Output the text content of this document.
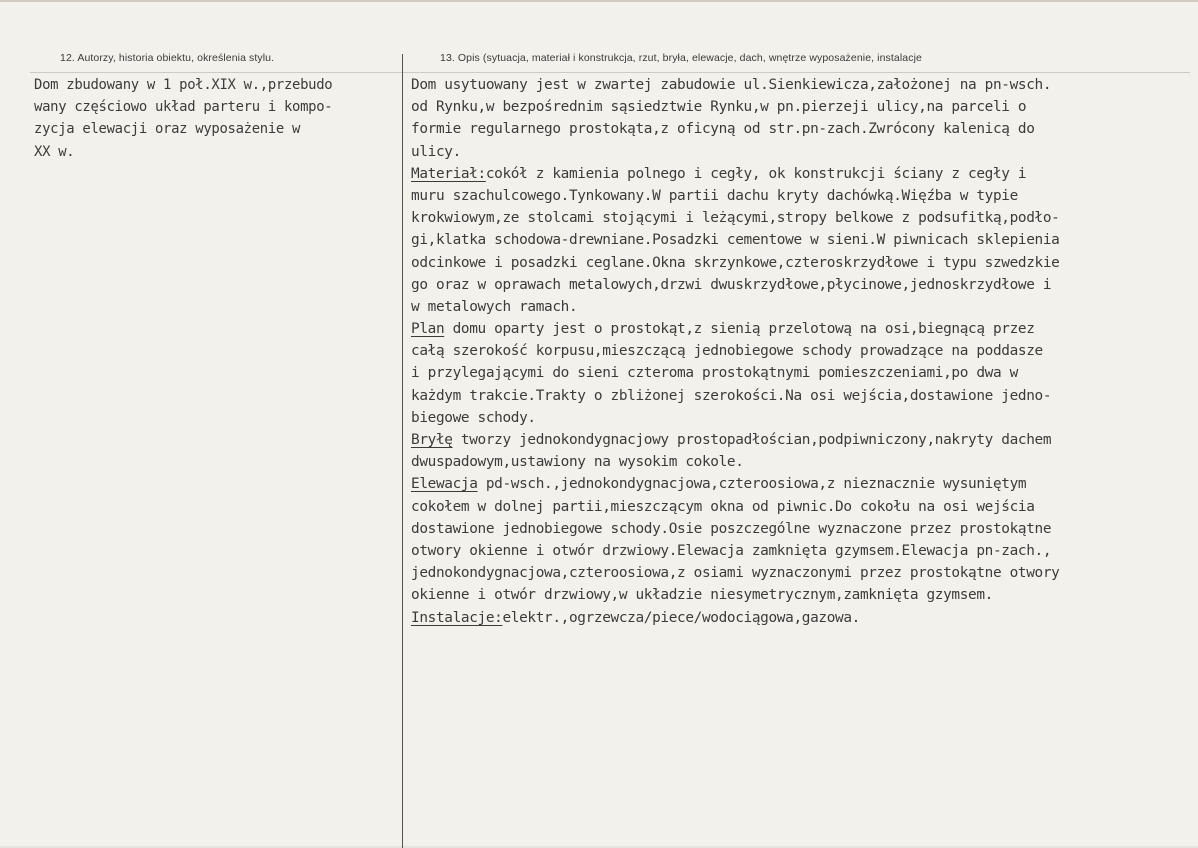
12. Autorzy, historia obiektu, określenia stylu.	13. Opis (sytuacja, materiał i konstrukcja, rzut, bryła, elewacje, dach, wnętrze wyposażenie, instalacje
Dom zbudowany w 1 poł.XIX w.,przebudo
wany częściowo układ parteru i kompo-
zycja elewacji oraz wyposażenie w
XX w.
Dom usytuowany jest w zwartej zabudowie ul.Sienkiewicza,założonej na pn-wsch.
od Rynku,w bezpośrednim sąsiedztwie Rynku,w pn.pierzeji ulicy,na parceli o
formie regularnego prostokąta,z oficyną od str.pn-zach.Zwrócony kalenicą do
ulicy.
Materiał:cokół z kamienia polnego i cegły, ok konstrukcji ściany z cegły i
muru szachulcowego.Tynkowany.W partii dachu kryty dachówką.Więźba w typie
krokwiowym,ze stolcami stojącymi i leżącymi,stropy belkowe z podsufitką,podło-
gi,klatka schodowa-drewniane.Posadzki cementowe w sieni.W piwnicach sklepienia
odcinkowe i posadzki ceglane.Okna skrzynkowe,czteroskrzydłowe i typu szwedzkie
go oraz w oprawach metalowych,drzwi dwuskrzydłowe,płycinowe,jednoskrzydłowe i
w metalowych ramach.
Plan domu oparty jest o prostokąt,z sienią przelotową na osi,biegnącą przez
całą szerokość korpusu,mieszczącą jednobiegowe schody prowadzące na poddasze
i przylegającymi do sieni czteroma prostokątnymi pomieszczeniami,po dwa w
każdym trakcie.Trakty o zbliżonej szerokości.Na osi wejścia,dostawione jedno-
biegowe schody.
Bryłę tworzy jednokondygnacjowy prostopadłościan,podpiwniczony,nakryty dachem
dwuspadowym,ustawiony na wysokim cokole.
Elewacja pd-wsch.,jednokondygnacjowa,czteroosiowa,z nieznacznie wysuniętym
cokołem w dolnej partii,mieszczącym okna od piwnic.Do cokołu na osi wejścia
dostawione jednobiegowe schody.Osie poszczególne wyznaczone przez prostokątne
otwory okienne i otwór drzwiowy.Elewacja zamknięta gzymsem.Elewacja pn-zach.,
jednokondygnacjowa,czteroosiowa,z osiami wyznaczonymi przez prostokątne otwory
okienne i otwór drzwiowy,w układzie niesymetrycznym,zamknięta gzymsem.
Instalacje:elektr.,ogrzewcza/piece/wodociągowa,gazowa.
